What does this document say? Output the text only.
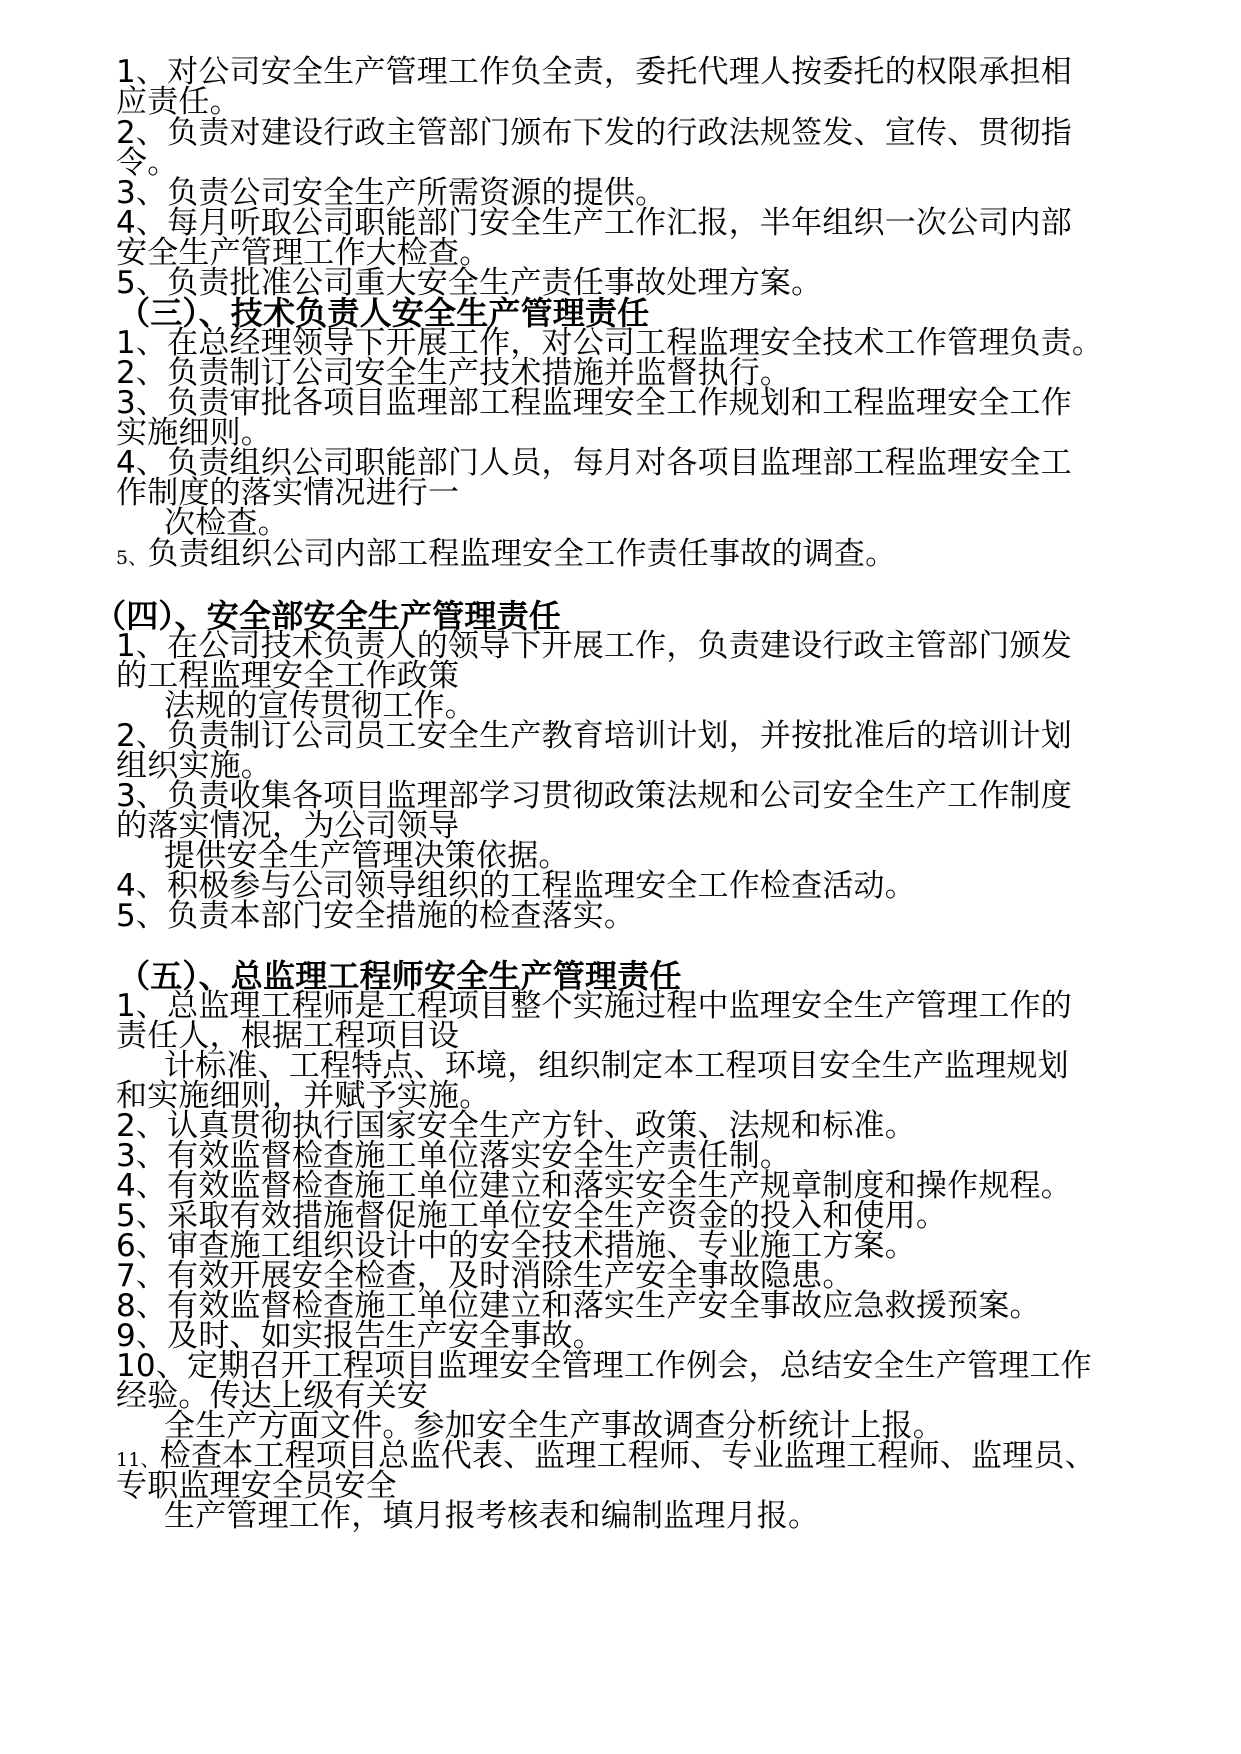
1、对公司安全生产管理工作负全责，委托代理人按委托的权限承担相
应责任。
2、负责对建设行政主管部门颁布下发的行政法规签发、宣传、贯彻指
令。
3、负责公司安全生产所需资源的提供。
4、每月听取公司职能部门安全生产工作汇报，半年组织一次公司内部
安全生产管理工作大检查。
5、负责批准公司重大安全生产责任事故处理方案。
（三）、技术负责人安全生产管理责任
1、在总经理领导下开展工作，对公司工程监理安全技术工作管理负责。
2、负责制订公司安全生产技术措施并监督执行。
3、负责审批各项目监理部工程监理安全工作规划和工程监理安全工作
实施细则。
4、负责组织公司职能部门人员，每月对各项目监理部工程监理安全工
作制度的落实情况进行一
次检查。
5、负责组织公司内部工程监理安全工作责任事故的调查。
（四）、安全部安全生产管理责任
1、在公司技术负责人的领导下开展工作，负责建设行政主管部门颁发
的工程监理安全工作政策
法规的宣传贯彻工作。
2、负责制订公司员工安全生产教育培训计划，并按批准后的培训计划
组织实施。
3、负责收集各项目监理部学习贯彻政策法规和公司安全生产工作制度
的落实情况，为公司领导
提供安全生产管理决策依据。
4、积极参与公司领导组织的工程监理安全工作检查活动。
5、负责本部门安全措施的检查落实。
（五）、总监理工程师安全生产管理责任
1、总监理工程师是工程项目整个实施过程中监理安全生产管理工作的
责任人，根据工程项目设
计标准、工程特点、环境，组织制定本工程项目安全生产监理规划
和实施细则，并赋予实施。
2、认真贯彻执行国家安全生产方针、政策、法规和标准。
3、有效监督检查施工单位落实安全生产责任制。
4、有效监督检查施工单位建立和落实安全生产规章制度和操作规程。
5、采取有效措施督促施工单位安全生产资金的投入和使用。
6、审查施工组织设计中的安全技术措施、专业施工方案。
7、有效开展安全检查，及时消除生产安全事故隐患。
8、有效监督检查施工单位建立和落实生产安全事故应急救援预案。
9、及时、如实报告生产安全事故。
10、定期召开工程项目监理安全管理工作例会，总结安全生产管理工作
经验。传达上级有关安
全生产方面文件。参加安全生产事故调查分析统计上报。
11、检查本工程项目总监代表、监理工程师、专业监理工程师、监理员、
专职监理安全员安全
生产管理工作，填月报考核表和编制监理月报。
